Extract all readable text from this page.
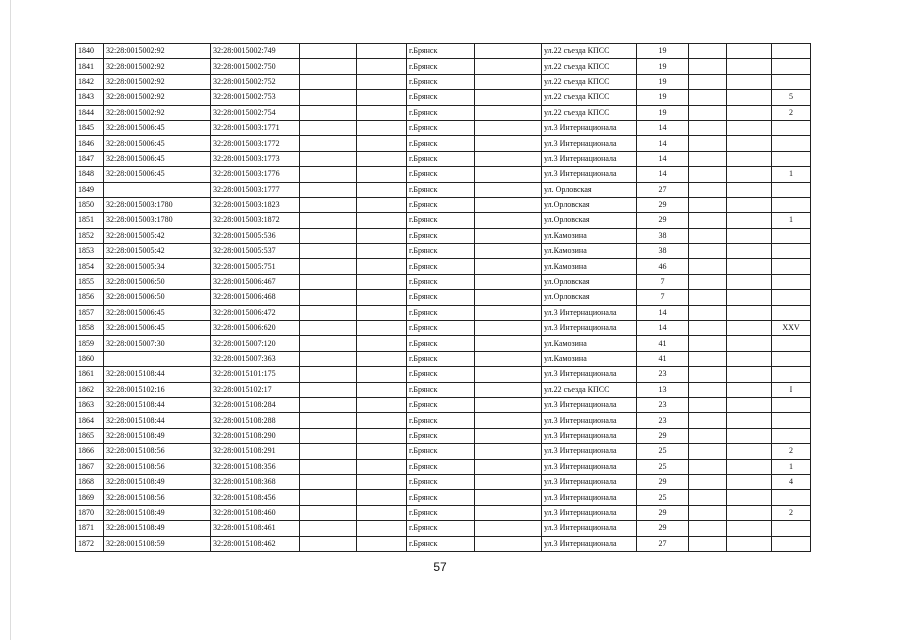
1840	32:28:0015002:92	32:28:0015002:749			г.Брянск		ул.22 съезда КПСС	19			
1841	32:28:0015002:92	32:28:0015002:750			г.Брянск		ул.22 съезда КПСС	19			
1842	32:28:0015002:92	32:28:0015002:752			г.Брянск		ул.22 съезда КПСС	19			
1843	32:28:0015002:92	32:28:0015002:753			г.Брянск		ул.22 съезда КПСС	19			5
1844	32:28:0015002:92	32:28:0015002:754			г.Брянск		ул.22 съезда КПСС	19			2
1845	32:28:0015006:45	32:28:0015003:1771			г.Брянск		ул.3 Интернационала	14			
1846	32:28:0015006:45	32:28:0015003:1772			г.Брянск		ул.3 Интернационала	14			
1847	32:28:0015006:45	32:28:0015003:1773			г.Брянск		ул.3 Интернационала	14			
1848	32:28:0015006:45	32:28:0015003:1776			г.Брянск		ул.3 Интернационала	14			1
1849		32:28:0015003:1777			г.Брянск		ул. Орловская	27			
1850	32:28:0015003:1780	32:28:0015003:1823			г.Брянск		ул.Орловская	29			
1851	32:28:0015003:1780	32:28:0015003:1872			г.Брянск		ул.Орловская	29			1
1852	32:28:0015005:42	32:28:0015005:536			г.Брянск		ул.Камозина	38			
1853	32:28:0015005:42	32:28:0015005:537			г.Брянск		ул.Камозина	38			
1854	32:28:0015005:34	32:28:0015005:751			г.Брянск		ул.Камозина	46			
1855	32:28:0015006:50	32:28:0015006:467			г.Брянск		ул.Орловская	7			
1856	32:28:0015006:50	32:28:0015006:468			г.Брянск		ул.Орловская	7			
1857	32:28:0015006:45	32:28:0015006:472			г.Брянск		ул.3 Интернационала	14			
1858	32:28:0015006:45	32:28:0015006:620			г.Брянск		ул.3 Интернационала	14			XXV
1859	32:28:0015007:30	32:28:0015007:120			г.Брянск		ул.Камозина	41			
1860		32:28:0015007:363			г.Брянск		ул.Камозина	41			
1861	32:28:0015108:44	32:28:0015101:175			г.Брянск		ул.3 Интернационала	23			
1862	32:28:0015102:16	32:28:0015102:17			г.Брянск		ул.22 съезда КПСС	13			I
1863	32:28:0015108:44	32:28:0015108:284			г.Брянск		ул.3 Интернационала	23			
1864	32:28:0015108:44	32:28:0015108:288			г.Брянск		ул.3 Интернационала	23			
1865	32:28:0015108:49	32:28:0015108:290			г.Брянск		ул.3 Интернационала	29			
1866	32:28:0015108:56	32:28:0015108:291			г.Брянск		ул.3 Интернационала	25			2
1867	32:28:0015108:56	32:28:0015108:356			г.Брянск		ул.3 Интернационала	25			1
1868	32:28:0015108:49	32:28:0015108:368			г.Брянск		ул.3 Интернационала	29			4
1869	32:28:0015108:56	32:28:0015108:456			г.Брянск		ул.3 Интернационала	25			
1870	32:28:0015108:49	32:28:0015108:460			г.Брянск		ул.3 Интернационала	29			2
1871	32:28:0015108:49	32:28:0015108:461			г.Брянск		ул.3 Интернационала	29			
1872	32:28:0015108:59	32:28:0015108:462			г.Брянск		ул.3 Интернационала	27			
57
